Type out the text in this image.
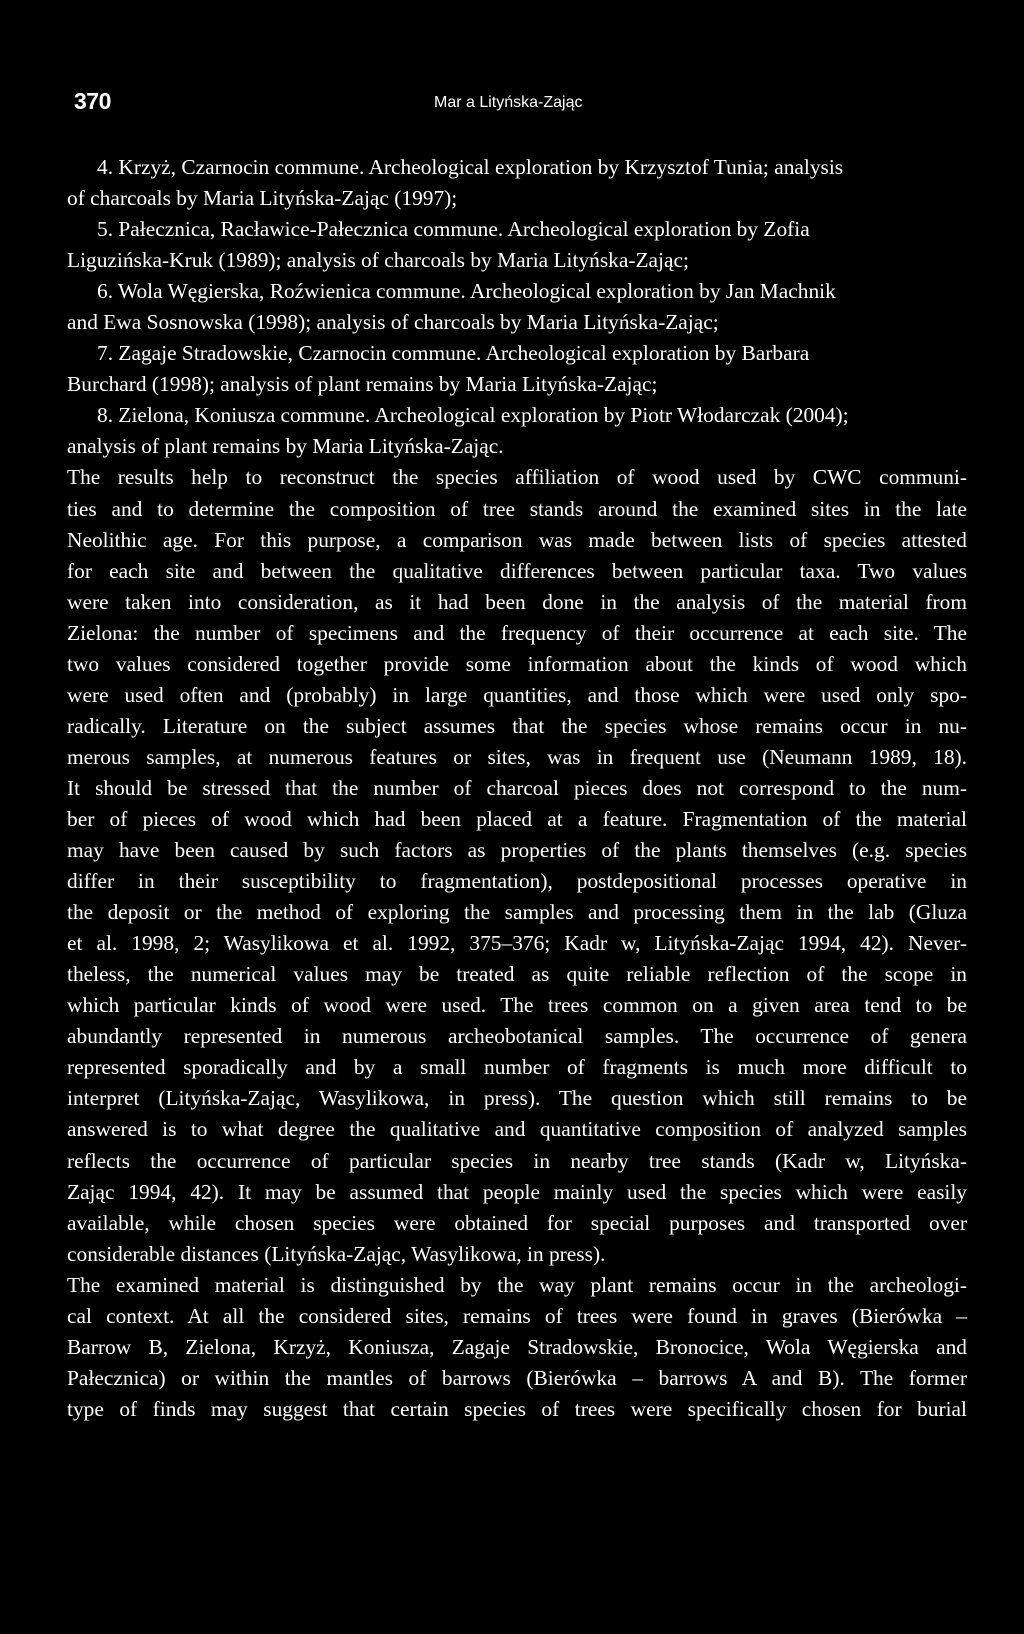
370	Mar a Lityńska-Zając
4. Krzyż, Czarnocin commune. Archeological exploration by Krzysztof Tunia; analysis
of charcoals by Maria Lityńska-Zając (1997);
5. Pałecznica, Racławice-Pałecznica commune. Archeological exploration by Zofia
Liguzińska-Kruk (1989); analysis of charcoals by Maria Lityńska-Zając;
6. Wola Węgierska, Roźwienica commune. Archeological exploration by Jan Machnik
and Ewa Sosnowska (1998); analysis of charcoals by Maria Lityńska-Zając;
7. Zagaje Stradowskie, Czarnocin commune. Archeological exploration by Barbara
Burchard (1998); analysis of plant remains by Maria Lityńska-Zając;
8. Zielona, Koniusza commune. Archeological exploration by Piotr Włodarczak (2004);
analysis of plant remains by Maria Lityńska-Zając.
The results help to reconstruct the species affiliation of wood used by CWC communi-
ties and to determine the composition of tree stands around the examined sites in the late
Neolithic age. For this purpose, a comparison was made between lists of species attested
for each site and between the qualitative differences between particular taxa. Two values
were taken into consideration, as it had been done in the analysis of the material from
Zielona: the number of specimens and the frequency of their occurrence at each site. The
two values considered together provide some information about the kinds of wood which
were used often and (probably) in large quantities, and those which were used only spo-
radically. Literature on the subject assumes that the species whose remains occur in nu-
merous samples, at numerous features or sites, was in frequent use (Neumann 1989, 18).
It should be stressed that the number of charcoal pieces does not correspond to the num-
ber of pieces of wood which had been placed at a feature. Fragmentation of the material
may have been caused by such factors as properties of the plants themselves (e.g. species
differ in their susceptibility to fragmentation), postdepositional processes operative in
the deposit or the method of exploring the samples and processing them in the lab (Gluza
et al. 1998, 2; Wasylikowa et al. 1992, 375–376; Kadr w, Lityńska-Zając 1994, 42). Never-
theless, the numerical values may be treated as quite reliable reflection of the scope in
which particular kinds of wood were used. The trees common on a given area tend to be
abundantly represented in numerous archeobotanical samples. The occurrence of genera
represented sporadically and by a small number of fragments is much more difficult to
interpret (Lityńska-Zając, Wasylikowa, in press). The question which still remains to be
answered is to what degree the qualitative and quantitative composition of analyzed samples
reflects the occurrence of particular species in nearby tree stands (Kadr w, Lityńska-
Zając 1994, 42). It may be assumed that people mainly used the species which were easily
available, while chosen species were obtained for special purposes and transported over
considerable distances (Lityńska-Zając, Wasylikowa, in press).
The examined material is distinguished by the way plant remains occur in the archeologi-
cal context. At all the considered sites, remains of trees were found in graves (Bierówka –
Barrow B, Zielona, Krzyż, Koniusza, Zagaje Stradowskie, Bronocice, Wola Węgierska and
Pałecznica) or within the mantles of barrows (Bierówka – barrows A and B). The former
type of finds may suggest that certain species of trees were specifically chosen for burial
